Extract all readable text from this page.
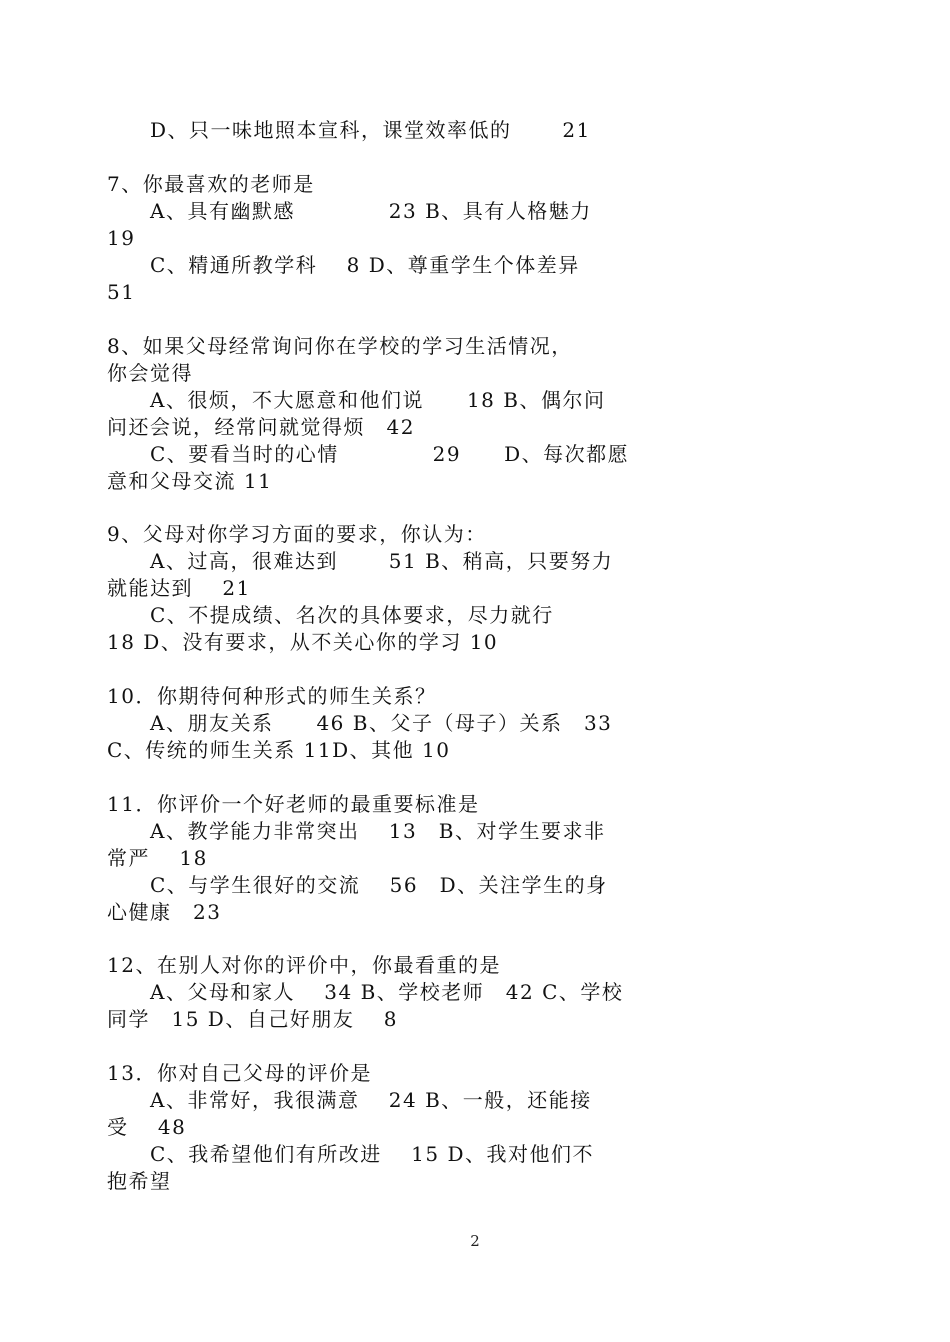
　　D、只一味地照本宣科，课堂效率低的　　 21
7、你最喜欢的老师是
　　A、具有幽默感　　　　 23 B、具有人格魅力
19
　　C、精通所教学科　 8 D、尊重学生个体差异
51
8、如果父母经常询问你在学校的学习生活情况，
你会觉得
　　A、很烦，不大愿意和他们说　　18 B、偶尔问
问还会说，经常问就觉得烦　42
　　C、要看当时的心情　　　　 29　　D、每次都愿
意和父母交流 11
9、父母对你学习方面的要求，你认为：
　　A、过高，很难达到　　 51 B、稍高，只要努力
就能达到　 21
　　C、不提成绩、名次的具体要求，尽力就行
18 D、没有要求，从不关心你的学习 10
10．你期待何种形式的师生关系？
　　A、朋友关系　　46 B、父子（母子）关系　33
C、传统的师生关系 11D、其他 10
11．你评价一个好老师的最重要标准是
　　A、教学能力非常突出　 13　B、对学生要求非
常严　 18
　　C、与学生很好的交流　 56　D、关注学生的身
心健康　23
12、在别人对你的评价中，你最看重的是
　　A、父母和家人　 34 B、学校老师　42 C、学校
同学　15 D、自己好朋友　 8
13．你对自己父母的评价是
　　A、非常好，我很满意　 24 B、一般，还能接
受　 48
　　C、我希望他们有所改进　 15 D、我对他们不
抱希望
2
